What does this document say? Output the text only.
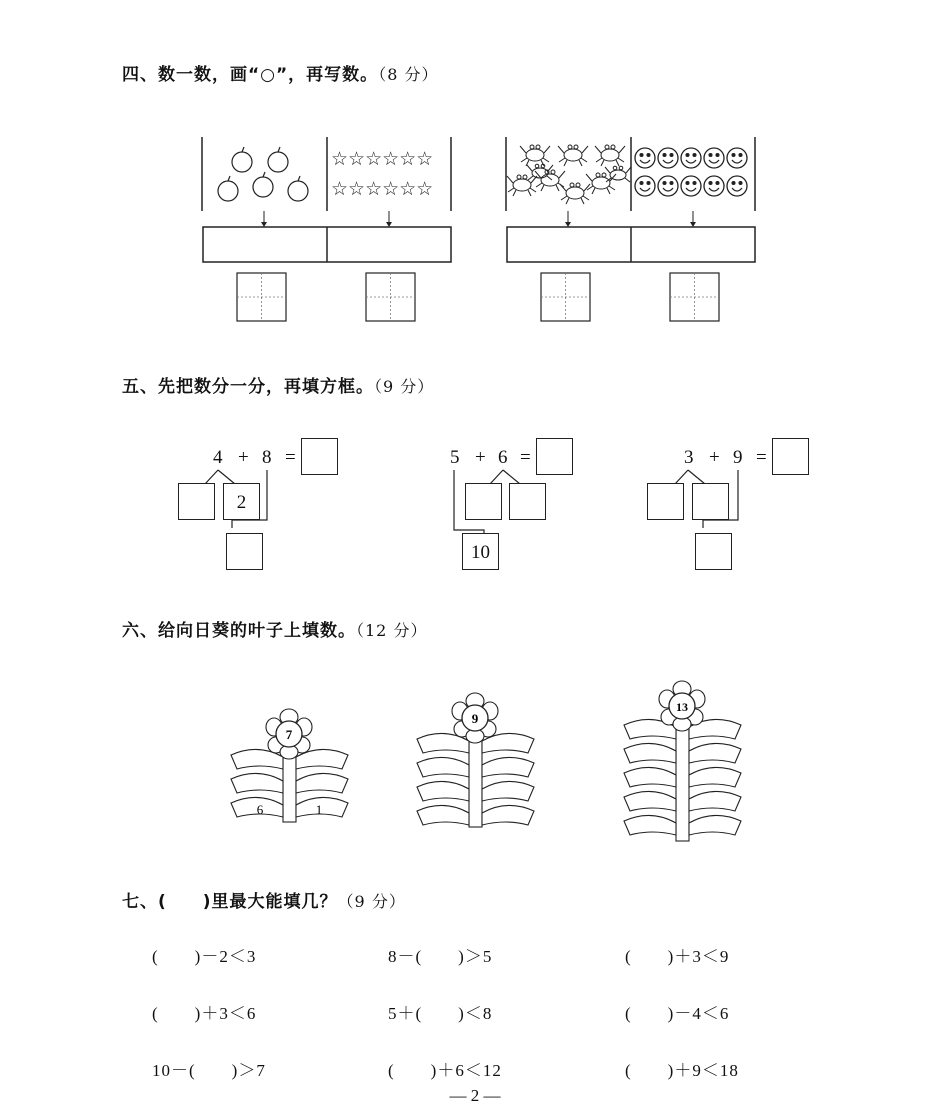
四、数一数，画“○”，再写数。（8 分）
☆☆☆☆☆☆
☆☆☆☆☆☆
五、先把数分一分，再填方框。（9 分）
4 + 8 =
2
5 + 6 =
10
3 + 9 =
六、给向日葵的叶子上填数。（12 分）
7
6	1
9
13
七、(　　)里最大能填几？（9 分）
(　　)－2＜3	8－(　　)＞5	(　　)＋3＜9
(　　)＋3＜6	5＋(　　)＜8	(　　)－4＜6
10－(　　)＞7	(　　)＋6＜12	(　　)＋9＜18
— 2 —
